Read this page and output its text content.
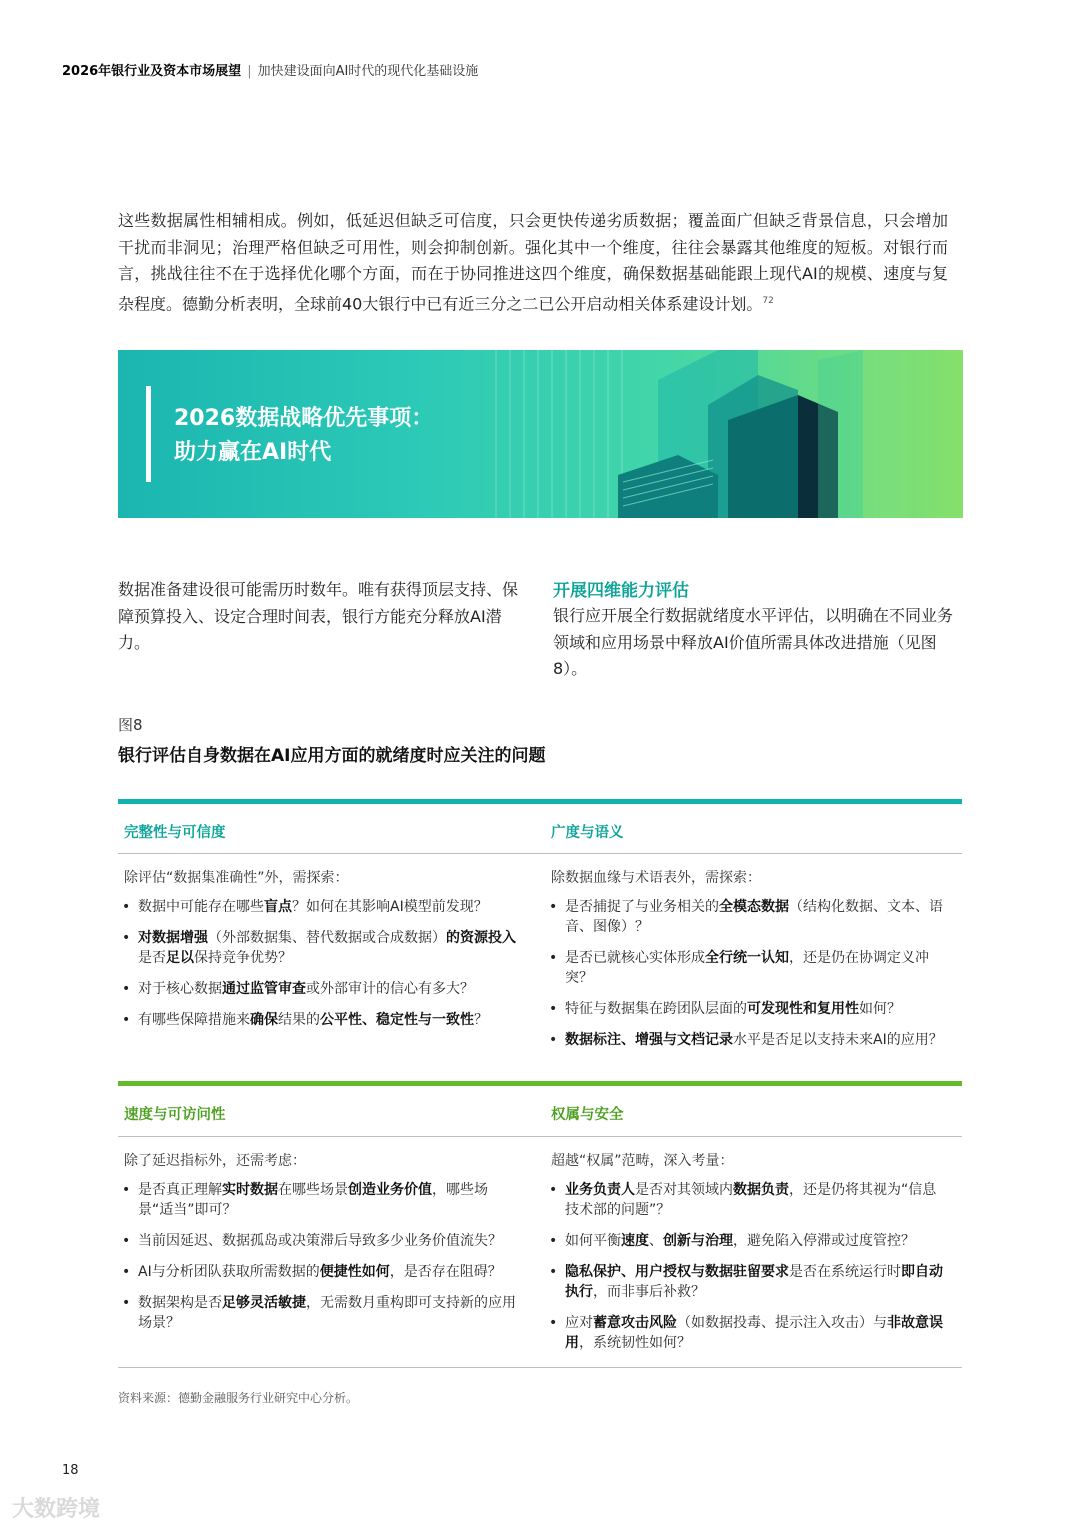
2026年银行业及资本市场展望 | 加快建设面向AI时代的现代化基础设施
这些数据属性相辅相成。例如，低延迟但缺乏可信度，只会更快传递劣质数据；覆盖面广但缺乏背景信息，只会增加干扰而非洞见；治理严格但缺乏可用性，则会抑制创新。强化其中一个维度，往往会暴露其他维度的短板。对银行而言，挑战往往不在于选择优化哪个方面，而在于协同推进这四个维度，确保数据基础能跟上现代AI的规模、速度与复杂程度。德勤分析表明，全球前40大银行中已有近三分之二已公开启动相关体系建设计划。$^{72}$
2026数据战略优先事项：
助力赢在AI时代
数据准备建设很可能需历时数年。唯有获得顶层支持、保障预算投入、设定合理时间表，银行方能充分释放AI潜力。
开展四维能力评估
银行应开展全行数据就绪度水平评估，以明确在不同业务领域和应用场景中释放AI价值所需具体改进措施（见图8）。
图8
银行评估自身数据在AI应用方面的就绪度时应关注的问题
完整性与可信度	广度与语义
除评估“数据集准确性”外，需探索：
• 数据中可能存在哪些盲点？如何在其影响AI模型前发现？
• 对数据增强（外部数据集、替代数据或合成数据）的资源投入是否足以保持竞争优势？
• 对于核心数据通过监管审查或外部审计的信心有多大？
• 有哪些保障措施来确保结果的公平性、稳定性与一致性？
除数据血缘与术语表外，需探索：
• 是否捕捉了与业务相关的全模态数据（结构化数据、文本、语音、图像）？
• 是否已就核心实体形成全行统一认知，还是仍在协调定义冲突？
• 特征与数据集在跨团队层面的可发现性和复用性如何？
• 数据标注、增强与文档记录水平是否足以支持未来AI的应用？
速度与可访问性	权属与安全
除了延迟指标外，还需考虑：
• 是否真正理解实时数据在哪些场景创造业务价值，哪些场景“适当”即可？
• 当前因延迟、数据孤岛或决策滞后导致多少业务价值流失？
• AI与分析团队获取所需数据的便捷性如何，是否存在阻碍？
• 数据架构是否足够灵活敏捷，无需数月重构即可支持新的应用场景？
超越“权属”范畴，深入考量：
• 业务负责人是否对其领域内数据负责，还是仍将其视为“信息技术部的问题”？
• 如何平衡速度、创新与治理，避免陷入停滞或过度管控？
• 隐私保护、用户授权与数据驻留要求是否在系统运行时即自动执行，而非事后补救？
• 应对蓄意攻击风险（如数据投毒、提示注入攻击）与非故意误用，系统韧性如何？
资料来源：德勤金融服务行业研究中心分析。
18
大数跨境
